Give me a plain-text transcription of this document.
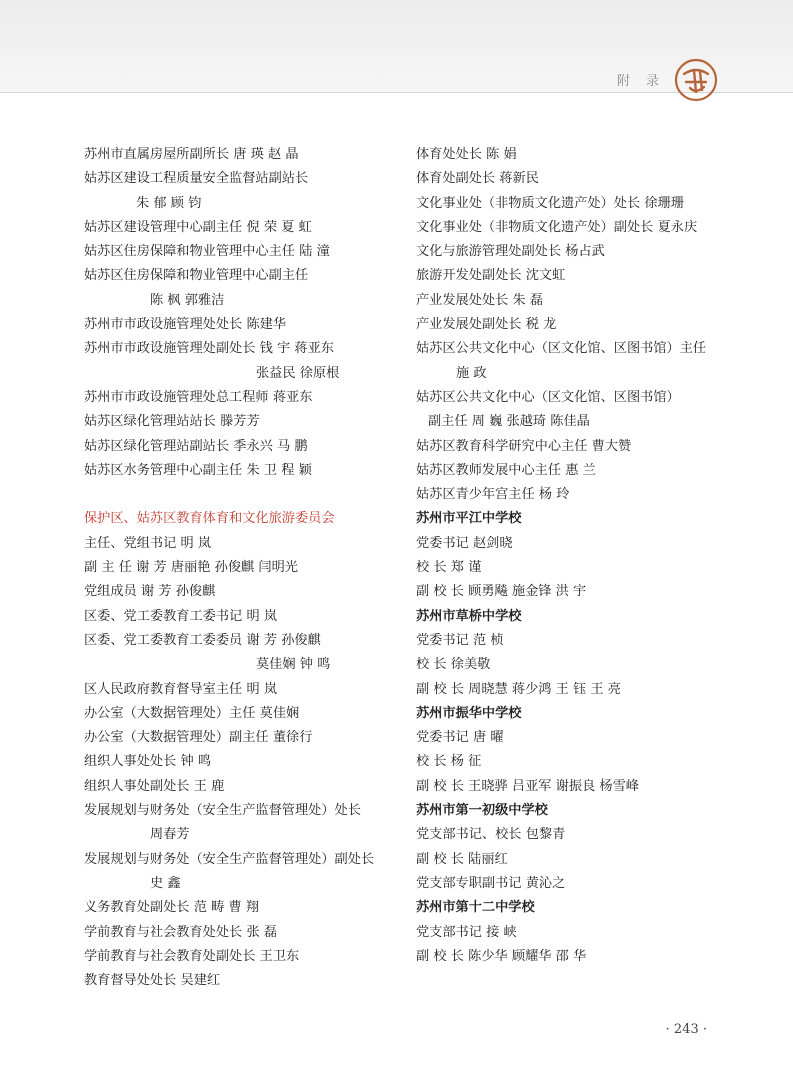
附 录
苏州市直属房屋所副所长 唐 瑛 赵 晶
姑苏区建设工程质量安全监督站副站长
朱 郁 顾 钧
姑苏区建设管理中心副主任 倪 荣 夏 虹
姑苏区住房保障和物业管理中心主任 陆 潼
姑苏区住房保障和物业管理中心副主任
陈 枫 郭雅洁
苏州市市政设施管理处处长 陈建华
苏州市市政设施管理处副处长 钱 宇 蒋亚东
张益民 徐原根
苏州市市政设施管理处总工程师 蒋亚东
姑苏区绿化管理站站长 滕芳芳
姑苏区绿化管理站副站长 季永兴 马 鹏
姑苏区水务管理中心副主任 朱 卫 程 颖
保护区、姑苏区教育体育和文化旅游委员会
主任、党组书记 明 岚
副 主 任 谢 芳 唐丽艳 孙俊麒 闫明光
党组成员 谢 芳 孙俊麒
区委、党工委教育工委书记 明 岚
区委、党工委教育工委委员 谢 芳 孙俊麒
莫佳娴 钟 鸣
区人民政府教育督导室主任 明 岚
办公室（大数据管理处）主任 莫佳娴
办公室（大数据管理处）副主任 董徐行
组织人事处处长 钟 鸣
组织人事处副处长 王 鹿
发展规划与财务处（安全生产监督管理处）处长
周春芳
发展规划与财务处（安全生产监督管理处）副处长
史 鑫
义务教育处副处长 范 畴 曹 翔
学前教育与社会教育处处长 张 磊
学前教育与社会教育处副处长 王卫东
教育督导处处长 吴建红
体育处处长 陈 娟
体育处副处长 蒋新民
文化事业处（非物质文化遗产处）处长 徐珊珊
文化事业处（非物质文化遗产处）副处长 夏永庆
文化与旅游管理处副处长 杨占武
旅游开发处副处长 沈文虹
产业发展处处长 朱 磊
产业发展处副处长 税 龙
姑苏区公共文化中心（区文化馆、区图书馆）主任
施 政
姑苏区公共文化中心（区文化馆、区图书馆）
副主任 周 巍 张越琦 陈佳晶
姑苏区教育科学研究中心主任 曹大赞
姑苏区教师发展中心主任 惠 兰
姑苏区青少年宫主任 杨 玲
苏州市平江中学校
党委书记 赵剑晓
校 长 郑 谨
副 校 长 顾勇飚 施金锋 洪 宇
苏州市草桥中学校
党委书记 范 桢
校 长 徐美敬
副 校 长 周晓慧 蒋少鸿 王 钰 王 亮
苏州市振华中学校
党委书记 唐 曜
校 长 杨 征
副 校 长 王晓骅 吕亚军 谢振良 杨雪峰
苏州市第一初级中学校
党支部书记、校长 包黎青
副 校 长 陆丽红
党支部专职副书记 黄沁之
苏州市第十二中学校
党支部书记 接 峡
副 校 长 陈少华 顾耀华 邵 华
· 243 ·
